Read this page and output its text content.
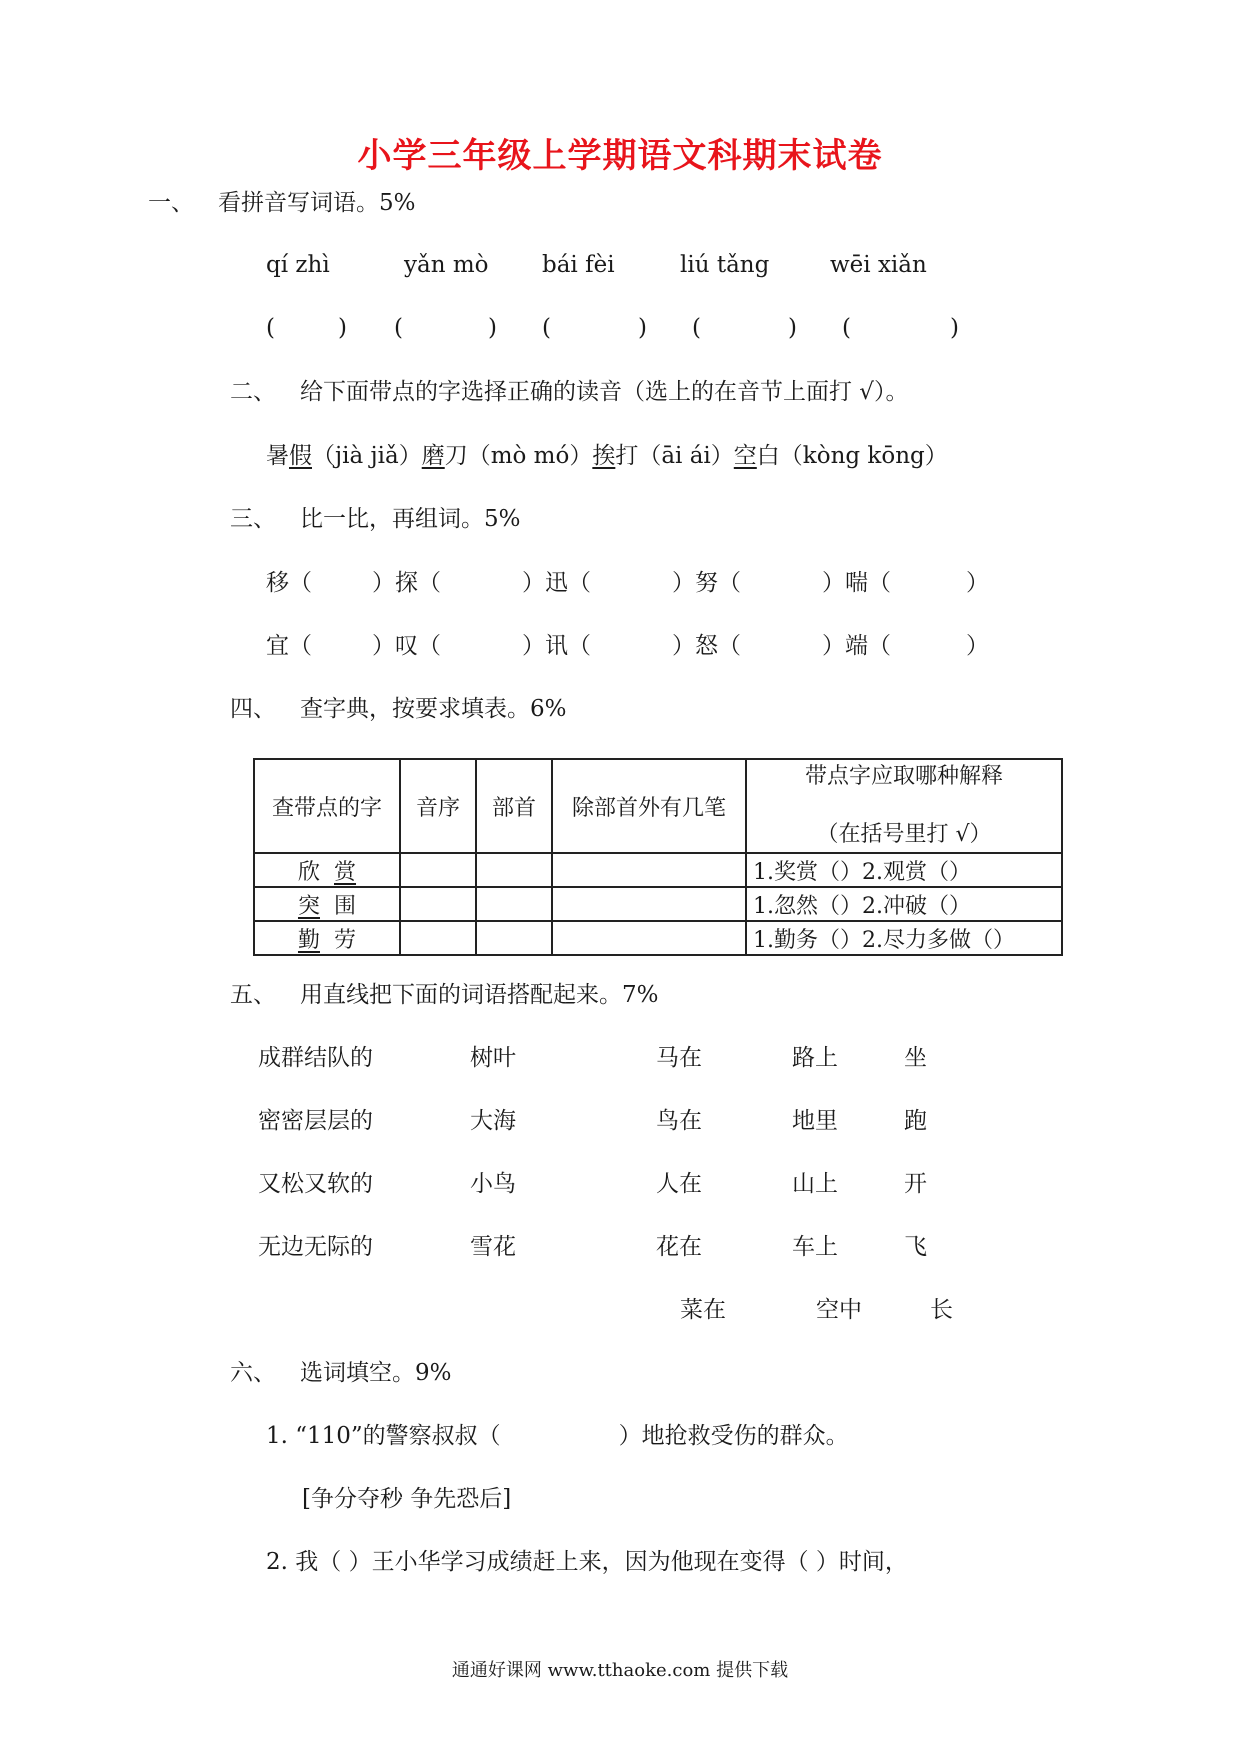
小学三年级上学期语文科期末试卷
一、 看拼音写词语。5%
qí zhì	yǎn mò bái fèi	liú tǎng	wēi xiǎn
(	) (	) (	) (	) (	)
二、 给下面带点的字选择正确的读音（选上的在音节上面打 √）。
暑假（jià jiǎ）磨刀（mò mó）挨打（āi ái）空白（kòng kōng）
三、 比一比，再组词。5%
移（	）探（	）迅（	）努（	）喘（	）
宜（	）叹（	）讯（	）怒（	）端（	）
四、 查字典，按要求填表。6%
查带点的字	音序	部首	除部首外有几笔	带点字应取哪种解释
（在括号里打 √）

欣 赏				1.奖赏（）2.观赏（）
突 围				1.忽然（）2.冲破（）
勤 劳				1.勤务（）2.尽力多做（）
五、 用直线把下面的词语搭配起来。7%
成群结队的
密密层层的
又松又软的
无边无际的
树叶
大海
小鸟
雪花
马在
鸟在
人在
花在
菜在
路上
地里
山上
车上
空中
坐
跑
开
飞
长
六、 选词填空。9%
1. “110”的警察叔叔（	）地抢救受伤的群众。
[争分夺秒 争先恐后]
2. 我（ ）王小华学习成绩赶上来，因为他现在变得（ ）时间，
通通好课网 www.tthaoke.com 提供下载
